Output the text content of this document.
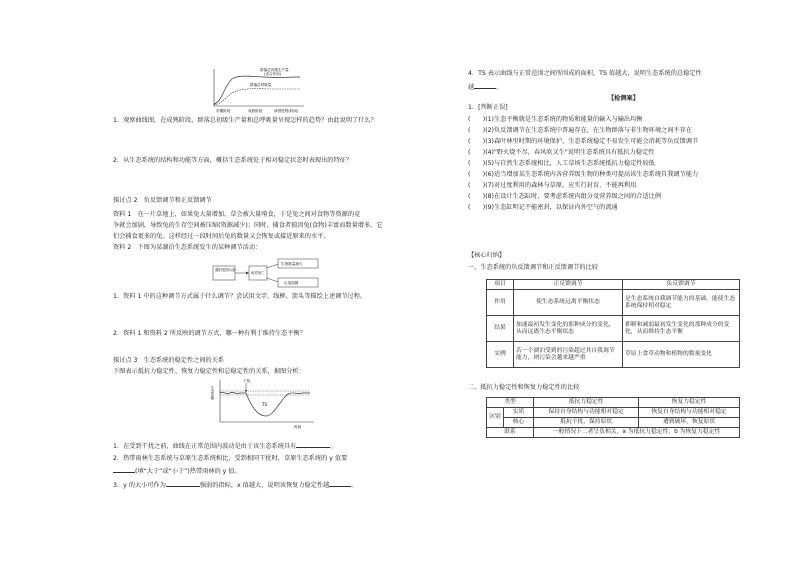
群落总初级生产量
(光合作用)
群落总呼吸量
早期阶段	成熟阶段	演替进程(时间)
1．观察曲线图，在成熟阶段，群落总初级生产量和总呼吸量呈现怎样的趋势？由此说明了什么？
2．从生态系统的结构和功能等方面，概括生态系统处于相对稳定状态时表现出的特征？
探讨点 2　负反馈调节和正反馈调节
资料 1　在一片草地上，如果兔大量增加，草会被大量啃食，于是兔之间对食物等资源的竞
争就会加剧，导致兔的生存空间被压缩(资源减少)；同时，捕食者狼因兔(食物)丰富而数量增多，它
们会捕食更多的兔。这样经过一段时间后兔的数量又会恢复或接近原来的水平。
资料 2　下图为某湖泊生态系统发生的某种调节活动：
湖泊受到污染
鱼类死亡
生物数量减少
污染加剧
1．资料 1 中的这种调节方式属于什么调节？尝试用文字、线框、箭头等描绘上述调节过程。
2．资料 1 和资料 2 所反映的调节方式，哪一种有利于维持生态平衡？
探讨点 3　生态系统的稳定性之间的关系
下图表示抵抗力稳定性、恢复力稳定性和总稳定性的关系，据图分析：
生态功能
干扰
TS
时间
1．在受到干扰之前，曲线在正常范围内波动是由于该生态系统具有	。
2．热带雨林生态系统与草原生态系统相比，受到相同干扰时，草原生态系统的 y 值要
(填“大于”或“小于”)热带雨林的 y 值。
3．y 的大小可作为	强弱的指标，x 值越大，说明该恢复力稳定性越	。
4．TS 表示曲线与正常范围之间所围成的面积，TS 值越大，说明生态系统的总稳定性
越	。
【检测案】
1．[判断正误]
(　　)(1)生态平衡就是生态系统的物质和能量的输入与输出均衡
(　　)(2)负反馈调节在生态系统中普遍存在，在生物群落与非生物环境之间不存在
(　　)(3)森叶林里时期的环境保护、生态系统稳定不易发生可能会消耗等负反馈调节
(　　)(4)"野火烧不尽，春风吹又生"说明生态系统具有抵抗力稳定性
(　　)(5)与自然生态系统相比，人工草场生态系统抵抗力稳定性较低
(　　)(6)适当增加某生态系统内各营养级生物的种类可提高该生态系统自我调节能力
(　　)(7)对过度利用的森林与草原，应实行封育，不能再利用
(　　)(8)在设计生态缸时，要考虑系统内组分及营养级之间的合适比例
(　　)(9)生态缸明记不能密封，以保证内外空气的流通
【核心归纳】
一、生态系统的负反馈调节和正反馈调节的比较
项目	正反馈调节	负反馈调节
作用	使生态系统远离平衡状态	是生态系统自我调节能力的基础，能使生态系统保持相对稳定
结果	加速最初发生变化的那种成分的变化，从而远离生态平衡状态	抑制和减弱最初发生变化的那种成分的变化，从而维持生态平衡
实例	若一个湖泊受到的污染超过其自我调节能力，则污染会越来越严重	草原上食草动物和植物的数量变化
二、抵抗力稳定性和恢复力稳定性的比较
类型		抵抗力稳定性	恢复力稳定性
区别	实质	保持自身结构与功能相对稳定	恢复自身结构与功能相对稳定
	核心	抵抗干扰，保持原状	遭到破坏，恢复原状
联系		一般情况下二者呈负相关，a 为抵抗力稳定性，b 为恢复力稳定性	
